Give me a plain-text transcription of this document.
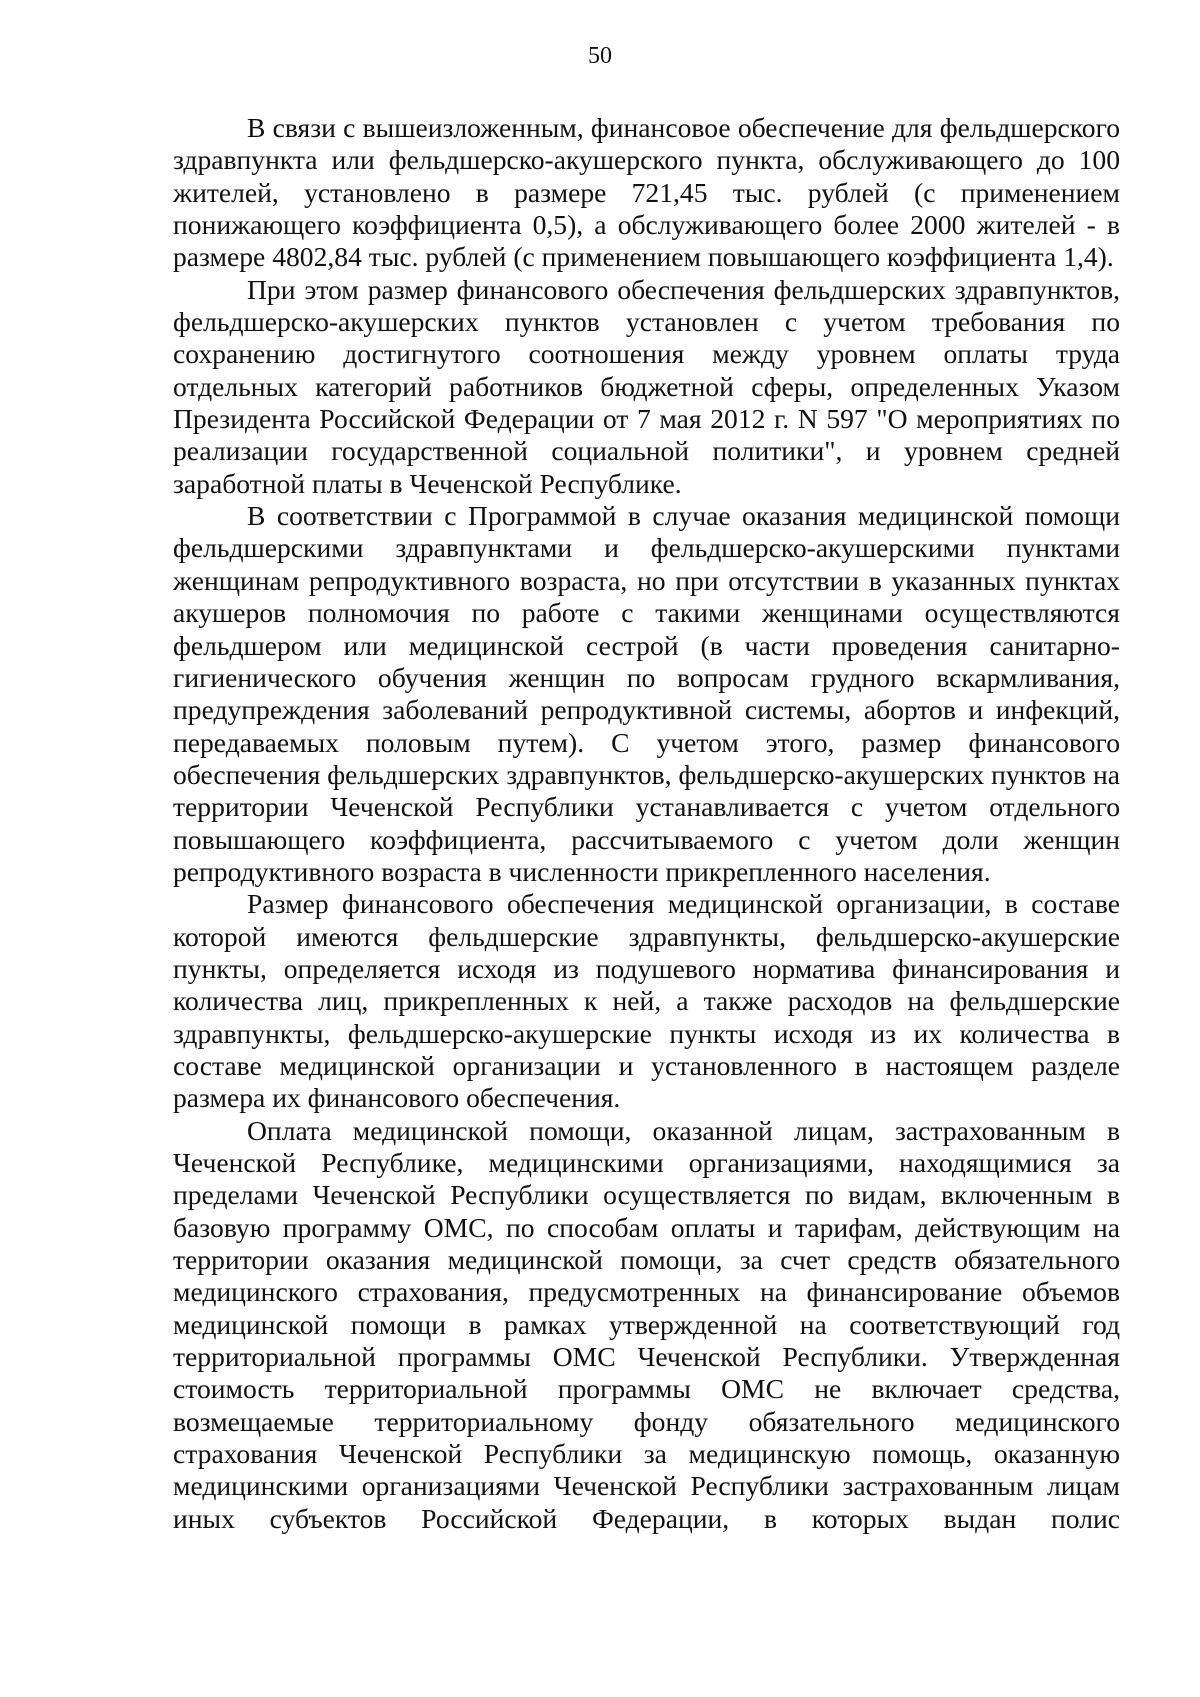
50

В связи с вышеизложенным, финансовое обеспечение для фельдшерского здравпункта или фельдшерско-акушерского пункта, обслуживающего до 100 жителей, установлено в размере 721,45 тыс. рублей (с применением понижающего коэффициента 0,5), а обслуживающего более 2000 жителей - в размере 4802,84 тыс. рублей (с применением повышающего коэффициента 1,4).

При этом размер финансового обеспечения фельдшерских здравпунктов, фельдшерско-акушерских пунктов установлен с учетом требования по сохранению достигнутого соотношения между уровнем оплаты труда отдельных категорий работников бюджетной сферы, определенных Указом Президента Российской Федерации от 7 мая 2012 г. N 597 "О мероприятиях по реализации государственной социальной политики", и уровнем средней заработной платы в Чеченской Республике.

В соответствии с Программой в случае оказания медицинской помощи фельдшерскими здравпунктами и фельдшерско-акушерскими пунктами женщинам репродуктивного возраста, но при отсутствии в указанных пунктах акушеров полномочия по работе с такими женщинами осуществляются фельдшером или медицинской сестрой (в части проведения санитарно-гигиенического обучения женщин по вопросам грудного вскармливания, предупреждения заболеваний репродуктивной системы, абортов и инфекций, передаваемых половым путем). С учетом этого, размер финансового обеспечения фельдшерских здравпунктов, фельдшерско-акушерских пунктов на территории Чеченской Республики устанавливается с учетом отдельного повышающего коэффициента, рассчитываемого с учетом доли женщин репродуктивного возраста в численности прикрепленного населения.

Размер финансового обеспечения медицинской организации, в составе которой имеются фельдшерские здравпункты, фельдшерско-акушерские пункты, определяется исходя из подушевого норматива финансирования и количества лиц, прикрепленных к ней, а также расходов на фельдшерские здравпункты, фельдшерско-акушерские пункты исходя из их количества в составе медицинской организации и установленного в настоящем разделе размера их финансового обеспечения.

Оплата медицинской помощи, оказанной лицам, застрахованным в Чеченской Республике, медицинскими организациями, находящимися за пределами Чеченской Республики осуществляется по видам, включенным в базовую программу ОМС, по способам оплаты и тарифам, действующим на территории оказания медицинской помощи, за счет средств обязательного медицинского страхования, предусмотренных на финансирование объемов медицинской помощи в рамках утвержденной на соответствующий год территориальной программы ОМС Чеченской Республики. Утвержденная стоимость территориальной программы ОМС не включает средства, возмещаемые территориальному фонду обязательного медицинского страхования Чеченской Республики за медицинскую помощь, оказанную медицинскими организациями Чеченской Республики застрахованным лицам иных субъектов Российской Федерации, в которых выдан полис
